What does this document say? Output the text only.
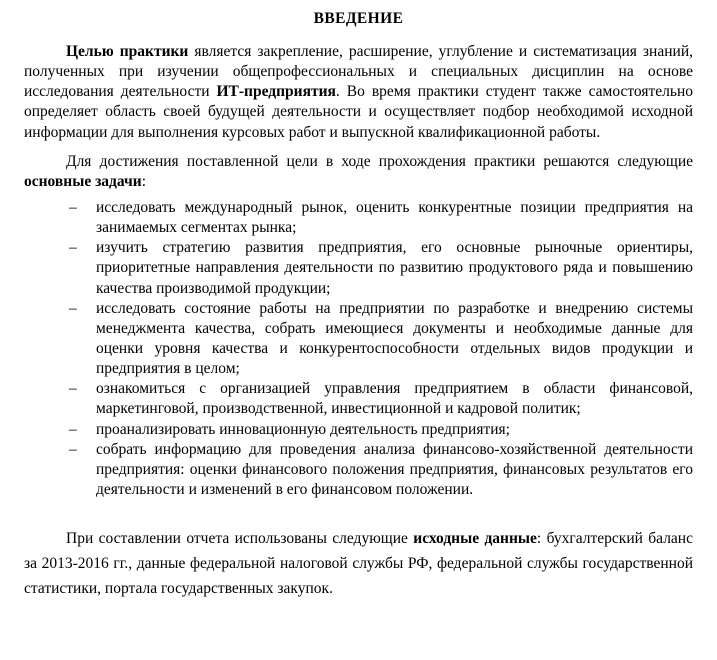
ВВЕДЕНИЕ

Целью практики является закрепление, расширение, углубление и систематизация знаний, полученных при изучении общепрофессиональных и специальных дисциплин на основе исследования деятельности ИТ-предприятия. Во время практики студент также самостоятельно определяет область своей будущей деятельности и осуществляет подбор необходимой исходной информации для выполнения курсовых работ и выпускной квалификационной работы.

Для достижения поставленной цели в ходе прохождения практики решаются следующие основные задачи:

– исследовать международный рынок, оценить конкурентные позиции предприятия на занимаемых сегментах рынка;
– изучить стратегию развития предприятия, его основные рыночные ориентиры, приоритетные направления деятельности по развитию продуктового ряда и повышению качества производимой продукции;
– исследовать состояние работы на предприятии по разработке и внедрению системы менеджмента качества, собрать имеющиеся документы и необходимые данные для оценки уровня качества и конкурентоспособности отдельных видов продукции и предприятия в целом;
– ознакомиться с организацией управления предприятием в области финансовой, маркетинговой, производственной, инвестиционной и кадровой политик;
– проанализировать инновационную деятельность предприятия;
– собрать информацию для проведения анализа финансово-хозяйственной деятельности предприятия: оценки финансового положения предприятия, финансовых результатов его деятельности и изменений в его финансовом положении.

При составлении отчета использованы следующие исходные данные: бухгалтерский баланс за 2013-2016 гг., данные федеральной налоговой службы РФ, федеральной службы государственной статистики, портала государственных закупок.
